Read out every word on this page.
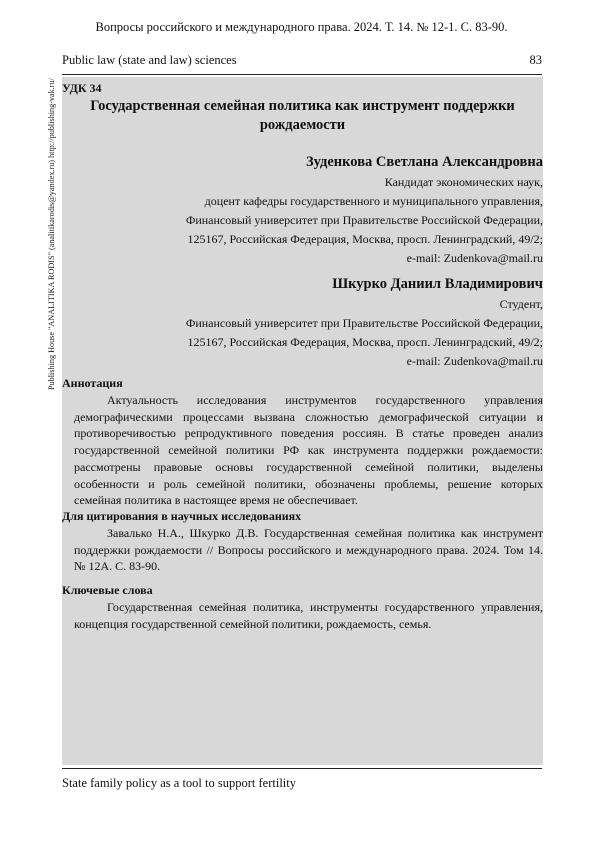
Вопросы российского и международного права. 2024. Т. 14. № 12-1. С. 83-90.
Public law (state and law) sciences	83
Publishing House "ANALITIKA RODIS" (analitikarodis@yandex.ru) http://publishing-vak.ru/ УДК 34
Государственная семейная политика как инструмент поддержки рождаемости
Зуденкова Светлана Александровна
Кандидат экономических наук,
доцент кафедры государственного и муниципального управления,
Финансовый университет при Правительстве Российской Федерации,
125167, Российская Федерация, Москва, просп. Ленинградский, 49/2;
e-mail: Zudenkova@mail.ru
Шкурко Даниил Владимирович
Студент,
Финансовый университет при Правительстве Российской Федерации,
125167, Российская Федерация, Москва, просп. Ленинградский, 49/2;
e-mail: Zudenkova@mail.ru
Аннотация
Актуальность исследования инструментов государственного управления демографическими процессами вызвана сложностью демографической ситуации и противоречивостью репродуктивного поведения россиян. В статье проведен анализ государственной семейной политики РФ как инструмента поддержки рождаемости: рассмотрены правовые основы государственной семейной политики, выделены особенности и роль семейной политики, обозначены проблемы, решение которых семейная политика в настоящее время не обеспечивает.
Для цитирования в научных исследованиях
Завалько Н.А., Шкурко Д.В. Государственная семейная политика как инструмент поддержки рождаемости // Вопросы российского и международного права. 2024. Том 14. № 12А. С. 83-90.
Ключевые слова
Государственная семейная политика, инструменты государственного управления, концепция государственной семейной политики, рождаемость, семья.
State family policy as a tool to support fertility
